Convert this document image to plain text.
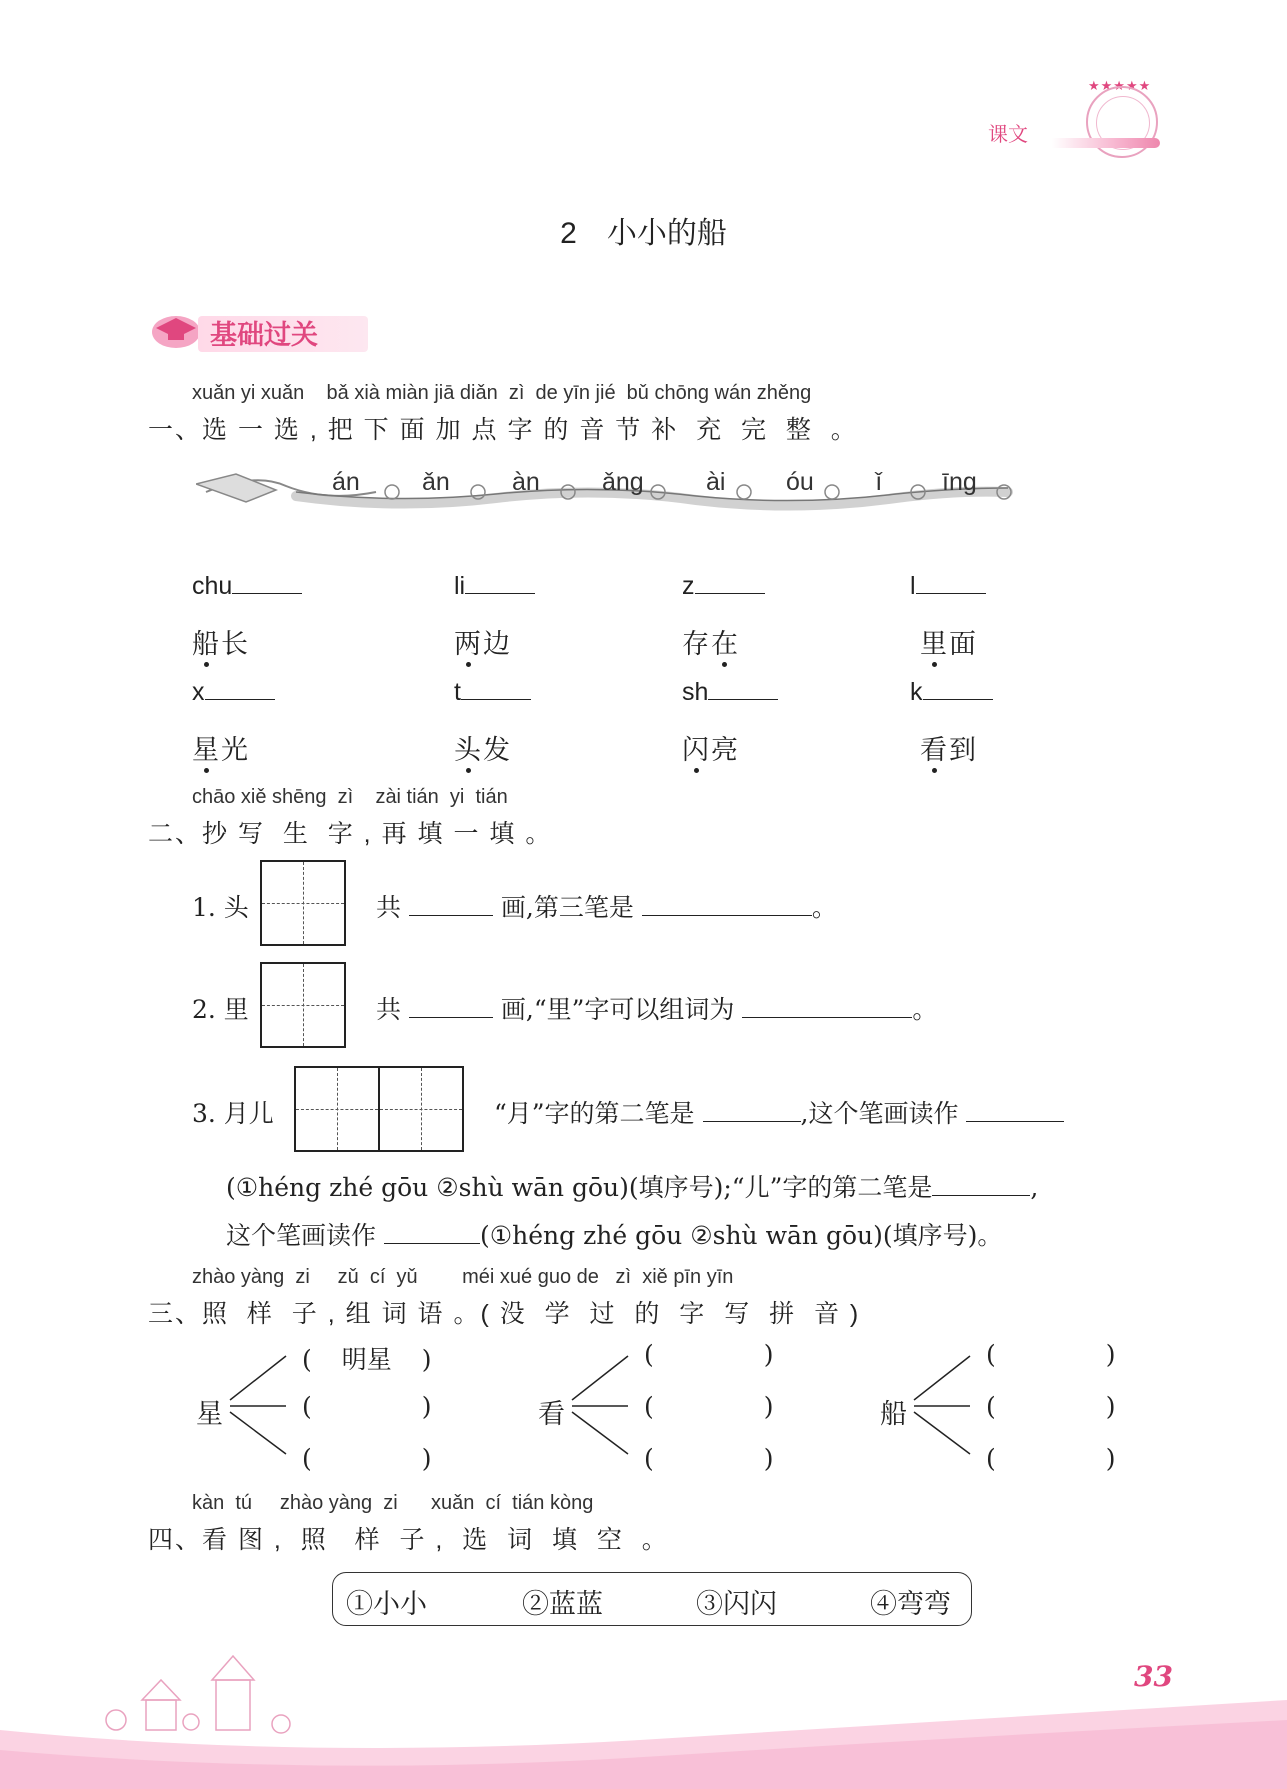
★★★★★
课文
2　小小的船
基础过关
xuǎn yi xuǎn    bǎ xià miàn jiā diǎn  zì  de yīn jié  bǔ chōng wán zhěng
一、选 一 选 , 把 下 面 加 点 字 的 音 节 补  充  完  整  。
án ǎn àn ǎng ài óu ǐ īng
chu	li	z	l
船长	两边	存在	里面
x	t	sh	k
星光	头发	闪亮	看到
chāo xiě shēng  zì    zài tián  yi  tián
二、抄 写  生  字 , 再 填 一 填 。
1. 头	共	画,第三笔是	。
2. 里	共	画,“里”字可以组词为	。
3. 月儿	“月”字的第二笔是	,这个笔画读作
(①héng zhé gōu ②shù wān gōu)(填序号);“儿”字的第二笔是	,
这个笔画读作	(①héng zhé gōu ②shù wān gōu)(填序号)。
zhào yàng  zi     zǔ  cí  yǔ        méi xué guo de   zì  xiě pīn yīn
三、照  样  子 , 组 词 语 。( 没  学  过  的  字  写  拼  音 )
星
( 明星 )
(	)
(	)
看
(	)
(	)
(	)
船
(	)
(	)
(	)
kàn  tú     zhào yàng  zi      xuǎn  cí  tián kòng
四、看 图 ,  照   样  子 ,  选  词  填  空  。
①小小	②蓝蓝	③闪闪	④弯弯
33
